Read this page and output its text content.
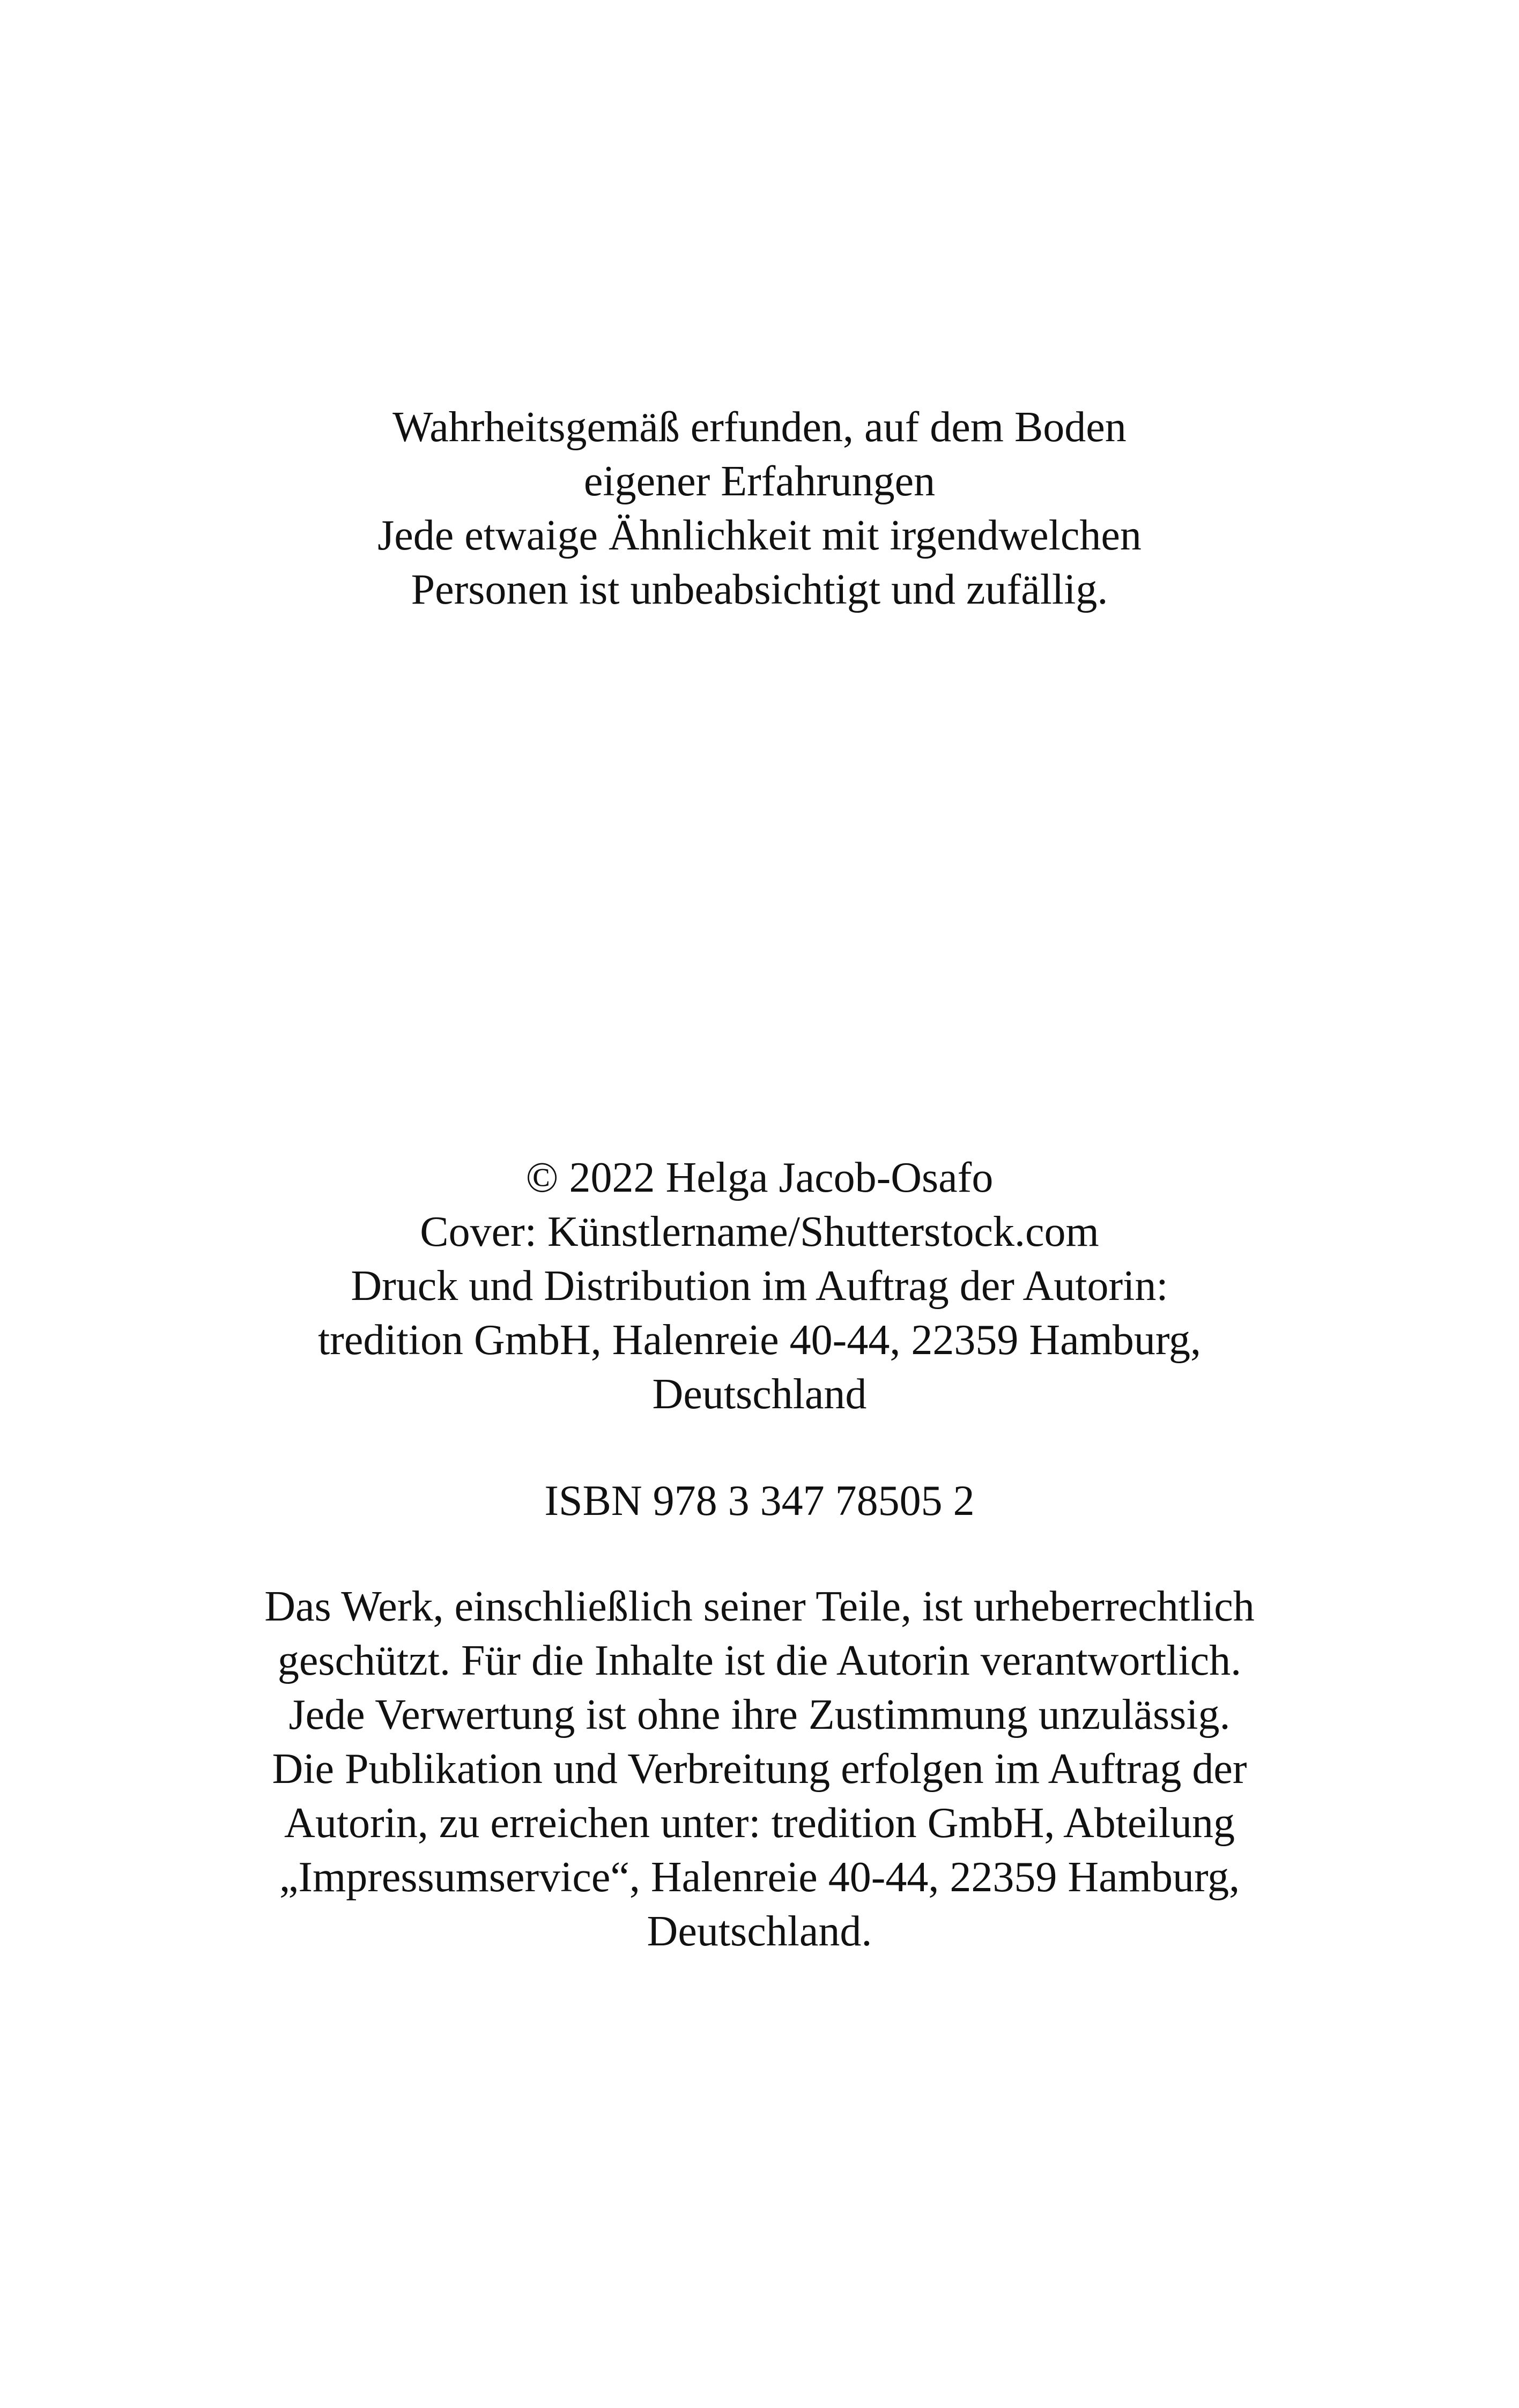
Wahrheitsgemäß erfunden, auf dem Boden
eigener Erfahrungen
Jede etwaige Ähnlichkeit mit irgendwelchen
Personen ist unbeabsichtigt und zufällig.
© 2022 Helga Jacob-Osafo
Cover: Künstlername/Shutterstock.com
Druck und Distribution im Auftrag der Autorin:
tredition GmbH, Halenreie 40-44, 22359 Hamburg,
Deutschland
ISBN 978 3 347 78505 2
Das Werk, einschließlich seiner Teile, ist urheberrechtlich
geschützt. Für die Inhalte ist die Autorin verantwortlich.
Jede Verwertung ist ohne ihre Zustimmung unzulässig.
Die Publikation und Verbreitung erfolgen im Auftrag der
Autorin, zu erreichen unter: tredition GmbH, Abteilung
„Impressumservice“, Halenreie 40-44, 22359 Hamburg,
Deutschland.
